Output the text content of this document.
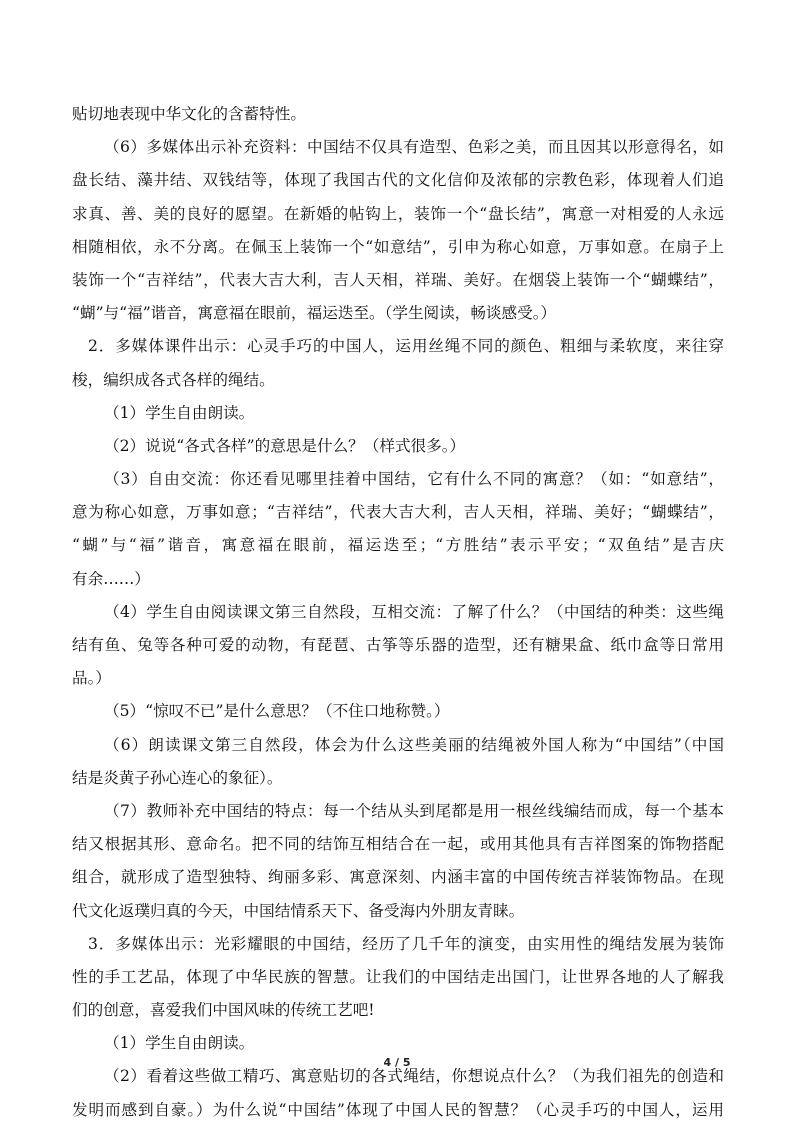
贴切地表现中华文化的含蓄特性。
（6）多媒体出示补充资料：中国结不仅具有造型、色彩之美，而且因其以形意得名，如
盘长结、藻井结、双钱结等，体现了我国古代的文化信仰及浓郁的宗教色彩，体现着人们追
求真、善、美的良好的愿望。在新婚的帖钩上，装饰一个“盘长结”，寓意一对相爱的人永远
相随相依，永不分离。在佩玉上装饰一个“如意结”，引申为称心如意，万事如意。在扇子上
装饰一个“吉祥结”，代表大吉大利，吉人天相，祥瑞、美好。在烟袋上装饰一个“蝴蝶结”，
“蝴”与“福”谐音，寓意福在眼前，福运迭至。（学生阅读，畅谈感受。）
2．多媒体课件出示：心灵手巧的中国人，运用丝绳不同的颜色、粗细与柔软度，来往穿
梭，编织成各式各样的绳结。
（1）学生自由朗读。
（2）说说“各式各样”的意思是什么？（样式很多。）
（3）自由交流：你还看见哪里挂着中国结，它有什么不同的寓意？（如：“如意结”，
意为称心如意，万事如意；“吉祥结”，代表大吉大利，吉人天相，祥瑞、美好；“蝴蝶结”，
“蝴”与“福”谐音，寓意福在眼前，福运迭至；“方胜结”表示平安；“双鱼结”是吉庆
有余……）
（4）学生自由阅读课文第三自然段，互相交流：了解了什么？（中国结的种类：这些绳
结有鱼、兔等各种可爱的动物，有琵琶、古筝等乐器的造型，还有糖果盒、纸巾盒等日常用
品。）
（5）“惊叹不已”是什么意思？（不住口地称赞。）
（6）朗读课文第三自然段，体会为什么这些美丽的结绳被外国人称为“中国结”（中国
结是炎黄子孙心连心的象征）。
（7）教师补充中国结的特点：每一个结从头到尾都是用一根丝线编结而成，每一个基本
结又根据其形、意命名。把不同的结饰互相结合在一起，或用其他具有吉祥图案的饰物搭配
组合，就形成了造型独特、绚丽多彩、寓意深刻、内涵丰富的中国传统吉祥装饰物品。在现
代文化返璞归真的今天，中国结情系天下、备受海内外朋友青睐。
3．多媒体出示：光彩耀眼的中国结，经历了几千年的演变，由实用性的绳结发展为装饰
性的手工艺品，体现了中华民族的智慧。让我们的中国结走出国门，让世界各地的人了解我
们的创意，喜爱我们中国风味的传统工艺吧!
（1）学生自由朗读。
（2）看着这些做工精巧、寓意贴切的各式绳结，你想说点什么？（为我们祖先的创造和
发明而感到自豪。）为什么说“中国结”体现了中国人民的智慧？（心灵手巧的中国人，运用
4 / 5
